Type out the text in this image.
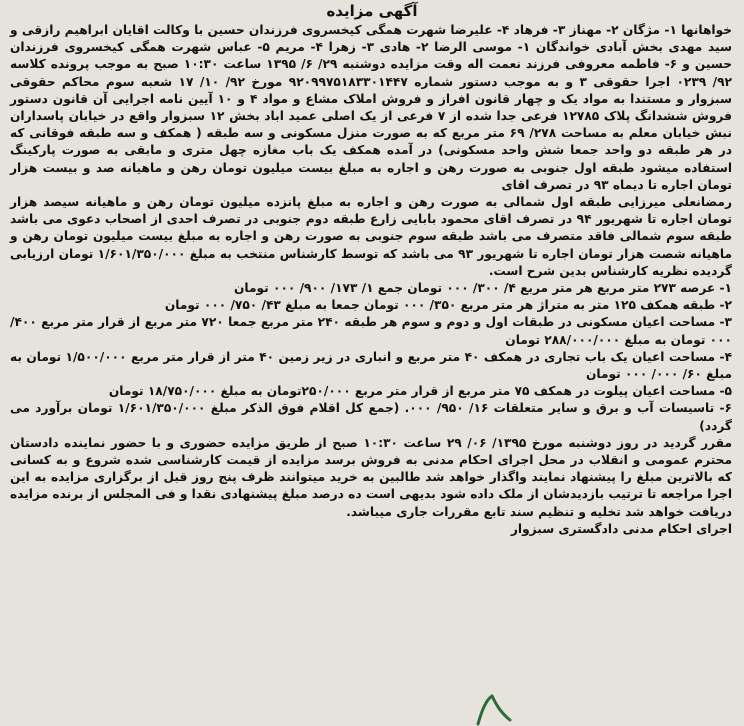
آگهی مزایده

خواهانها ۱- مژگان ۲- مهناز ۳- فرهاد ۴- علیرضا شهرت همگی کیخسروی فرزندان حسین با وکالت اقایان ابراهیم رازقی و سید مهدی بخش آبادی خواندگان ۱- موسی الرضا ۲- هادی ۳- زهرا ۴- مریم ۵- عباس شهرت همگی کیخسروی فرزندان حسین و ۶- فاطمه معروفی فرزند نعمت اله وقت مزایده دوشنبه ۲۹/ ۶/ ۱۳۹۵ ساعت ۱۰:۳۰ صبح به موجب پرونده کلاسه ۹۲/ ۰۲۳۹ اجرا حقوقی ۳ و به موجب دستور شماره ۹۲۰۹۹۷۵۱۸۳۳۰۱۴۴۷ مورخ ۹۲/ ۱۰/ ۱۷ شعبه سوم محاکم حقوقی سبزوار و مستندا به مواد یک و چهار قانون افراز و فروش املاک مشاع و مواد ۴ و ۱۰ آیین نامه اجرایی آن قانون دستور فروش ششدانگ پلاک ۱۲۷۸۵ فرعی جدا شده از ۷ فرعی از یک اصلی عمید اباد بخش ۱۲ سبزوار واقع در خیابان پاسداران نبش خیابان معلم به مساحت ۲۷۸/ ۶۹ متر مربع که به صورت منزل مسکونی و سه طبقه ( همکف و سه طبقه فوقانی که در هر طبقه دو واحد جمعا شش واحد مسکونی) در آمده همکف یک باب مغازه چهل متری و مابقی به صورت پارکینگ استفاده میشود طبقه اول جنوبی به صورت رهن و اجاره به مبلغ بیست میلیون تومان رهن و ماهیانه صد و بیست هزار تومان اجاره تا دیماه ۹۳ در تصرف اقای

رمضانعلی میرزایی طبقه اول شمالی به صورت رهن و اجاره به مبلغ پانزده میلیون تومان رهن و ماهیانه سیصد هزار تومان اجاره تا شهریور ۹۴ در تصرف اقای محمود بابایی زارع طبقه دوم جنوبی در تصرف احدی از اصحاب دعوی می باشد طبقه سوم شمالی فاقد متصرف می باشد طبقه سوم جنوبی به صورت رهن و اجاره به مبلغ بیست میلیون تومان رهن و ماهیانه شصت هزار تومان اجاره تا شهریور ۹۳ می باشد که توسط کارشناس منتخب به مبلغ ۱/۶۰۱/۳۵۰/۰۰۰ تومان ارزیابی گردیده نظریه کارشناس بدین شرح است.

۱- عرصه ۲۷۳ متر مربع هر متر مربع ۴/ ۳۰۰/ ۰۰۰ تومان جمع ۱/ ۱۷۳/ ۹۰۰/ ۰۰۰ تومان

۲- طبقه همکف ۱۲۵ متر به متراژ هر متر مربع ۳۵۰/ ۰۰۰ تومان جمعا به مبلغ ۴۳/ ۷۵۰/ ۰۰۰ تومان

۳- مساحت اعیان مسکونی در طبقات اول و دوم و سوم هر طبقه ۲۴۰ متر مربع جمعا ۷۲۰ متر مربع از قرار متر مربع ۴۰۰/ ۰۰۰ تومان به مبلغ ۲۸۸/۰۰۰/۰۰۰ تومان

۴- مساحت اعیان یک باب تجاری در همکف ۴۰ متر مربع و انباری در زیر زمین ۴۰ متر از قرار متر مربع ۱/۵۰۰/۰۰۰ تومان به مبلغ ۶۰/ ۰۰۰/ ۰۰۰ تومان

۵- مساحت اعیان پیلوت در همکف ۷۵ متر مربع از قرار متر مربع ۲۵۰/۰۰۰تومان به مبلغ ۱۸/۷۵۰/۰۰۰ تومان

۶- تاسیسات آب و برق و سایر متعلقات ۱۶/ ۹۵۰/ ۰۰۰. (جمع کل اقلام فوق الذکر مبلغ ۱/۶۰۱/۳۵۰/۰۰۰ تومان برآورد می گردد)

مقرر گردید در روز دوشنبه مورخ ۱۳۹۵/ ۰۶/ ۲۹ ساعت ۱۰:۳۰ صبح از طریق مزایده حضوری و با حضور نماینده دادستان محترم عمومی و انقلاب در محل اجرای احکام مدنی به فروش برسد مزایده از قیمت کارشناسی شده شروع و به کسانی که بالاترین مبلغ را پیشنهاد نمایند واگذار خواهد شد طالبین به خرید میتوانند ظرف پنج روز قبل از برگزاری مزایده به این اجرا مراجعه تا ترتیب بازدیدشان از ملک داده شود بدیهی است ده درصد مبلغ پیشنهادی نقدا و فی المجلس از برنده مزایده دریافت خواهد شد تخلیه و تنظیم سند تابع مقررات جاری میباشد.

اجرای احکام مدنی دادگستری سبزوار
